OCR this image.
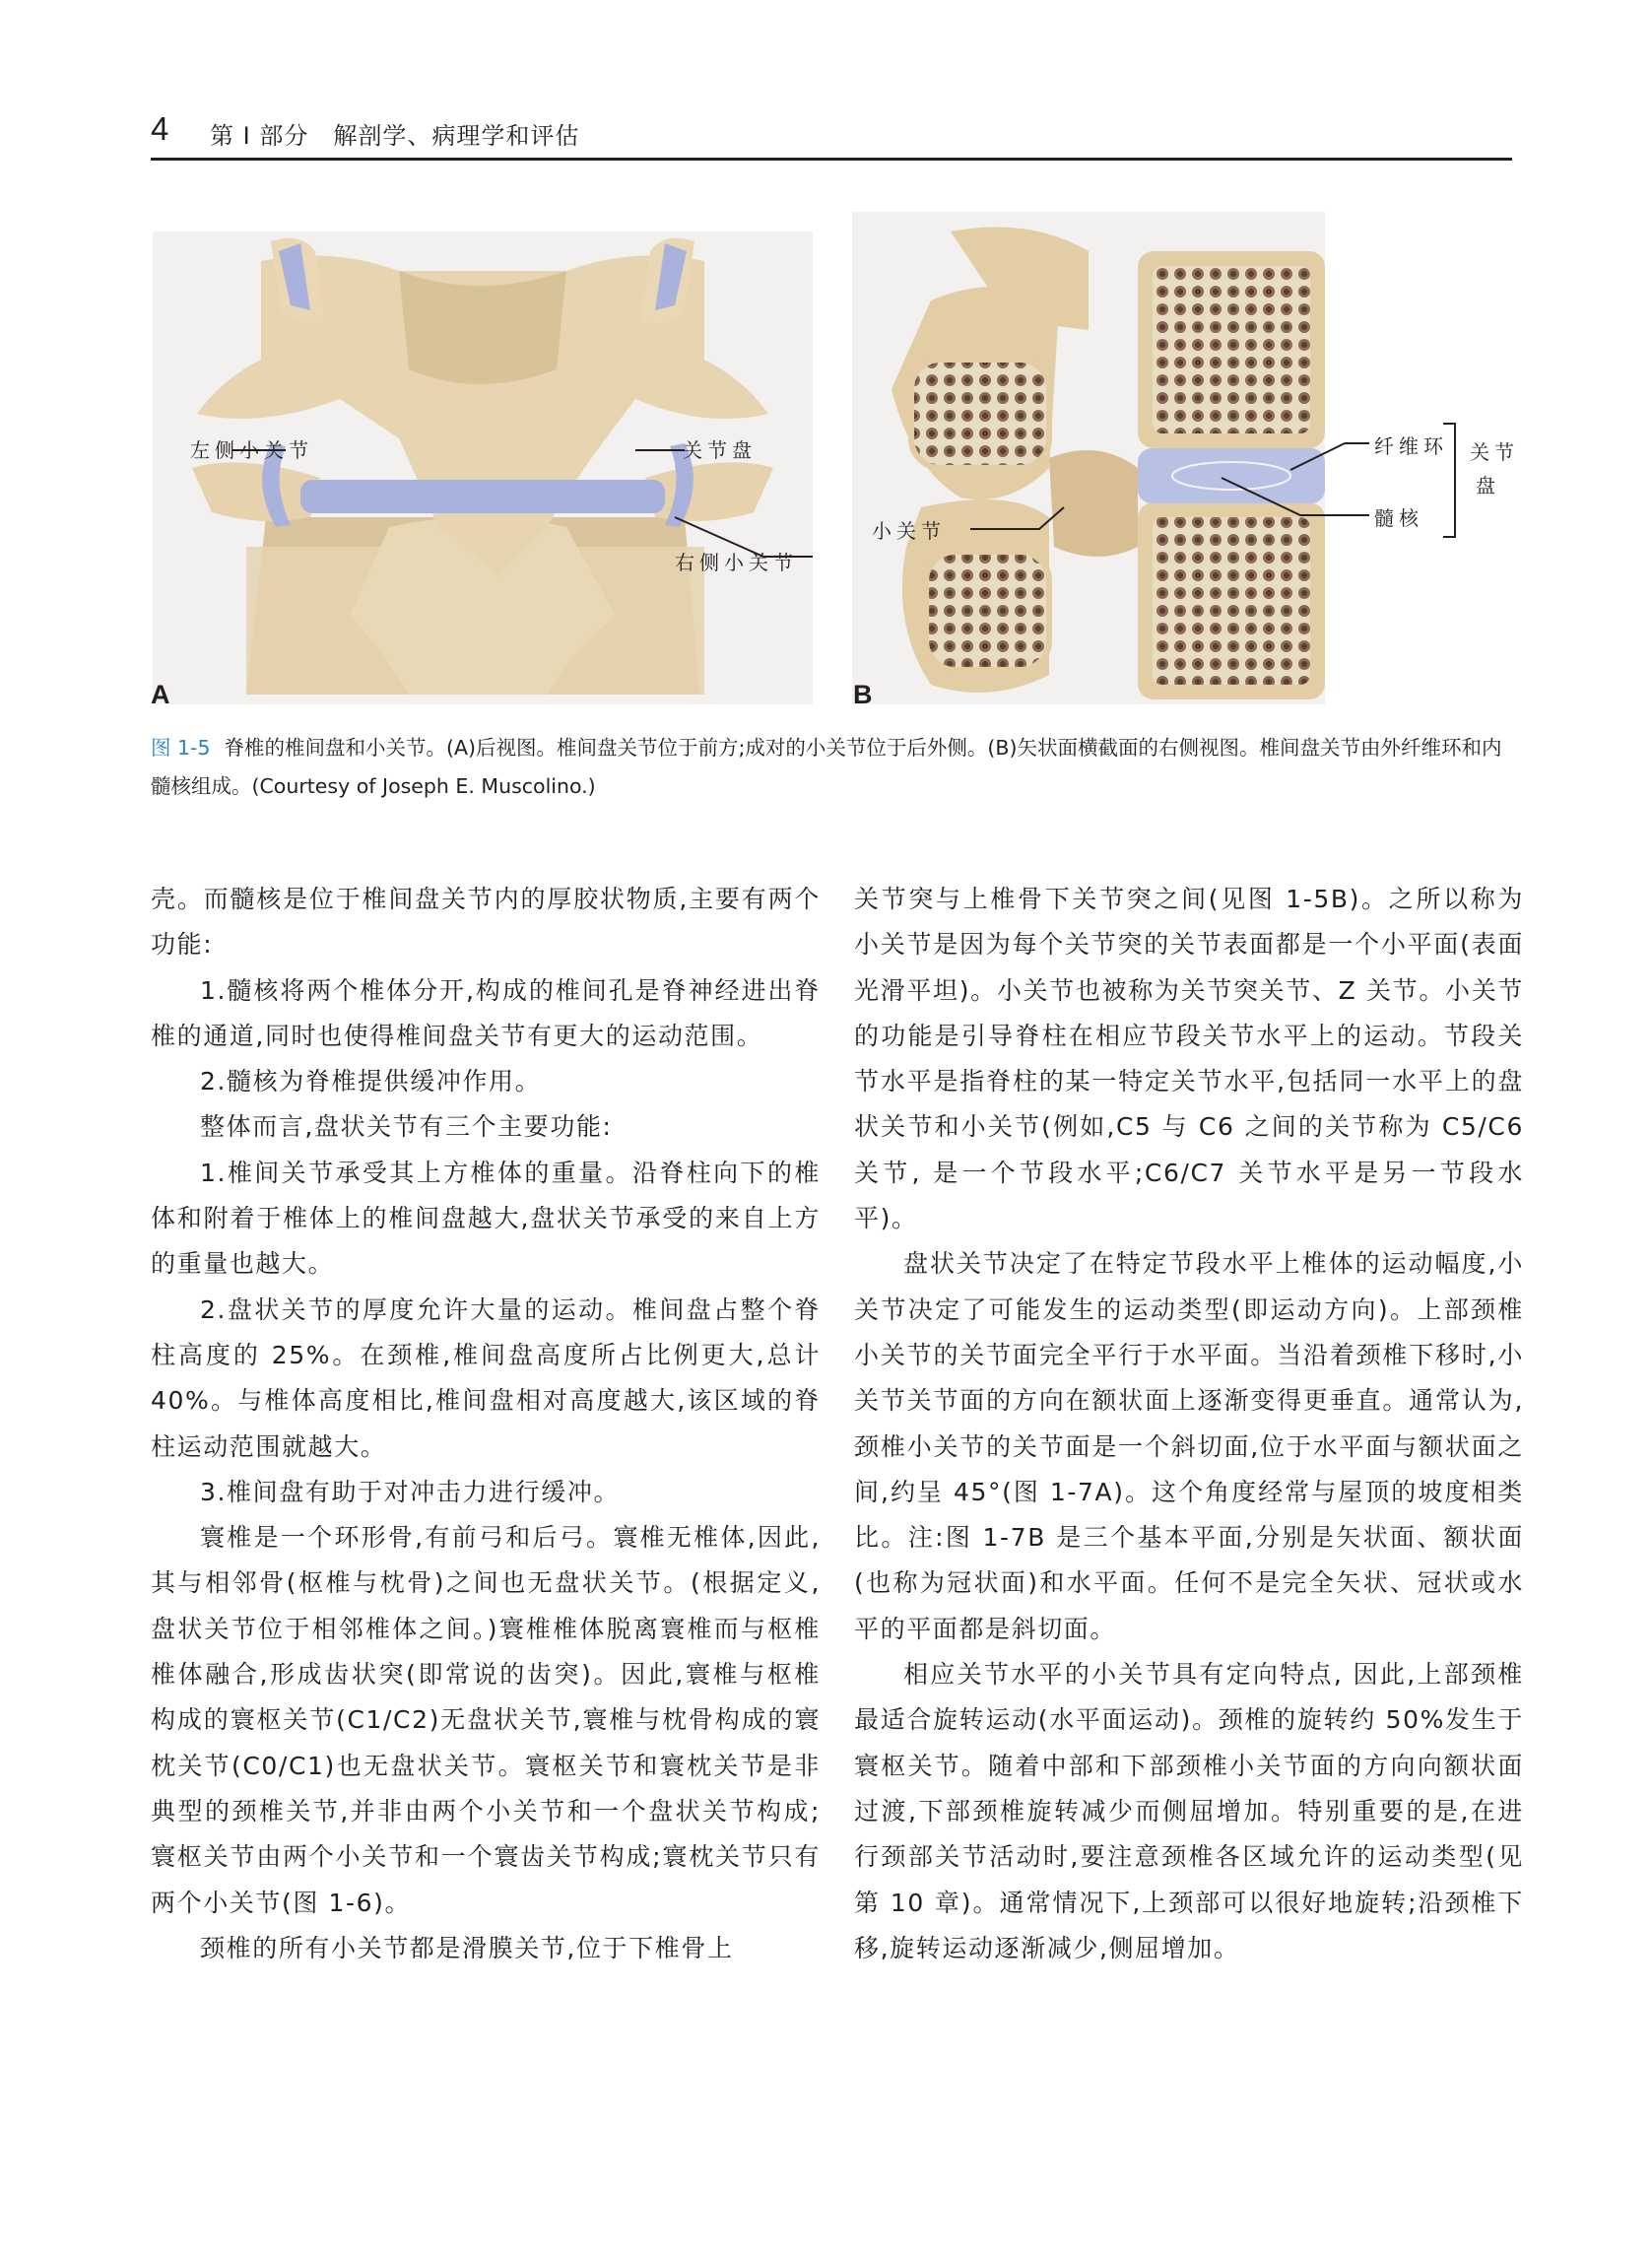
4 第 I 部分　解剖学、病理学和评估
左侧小关节	关节盘
右侧小关节
A
纤维环
髓核
小关节
关节
盘
B
图 1-5 脊椎的椎间盘和小关节。(A)后视图。椎间盘关节位于前方;成对的小关节位于后外侧。(B)矢状面横截面的右侧视图。椎间盘关节由外纤维环和内髓核组成。(Courtesy of Joseph E. Muscolino.)

壳。而髓核是位于椎间盘关节内的厚胶状物质,主要有两个功能:

1.髓核将两个椎体分开,构成的椎间孔是脊神经进出脊椎的通道,同时也使得椎间盘关节有更大的运动范围。

2.髓核为脊椎提供缓冲作用。

整体而言,盘状关节有三个主要功能:

1.椎间关节承受其上方椎体的重量。沿脊柱向下的椎体和附着于椎体上的椎间盘越大,盘状关节承受的来自上方的重量也越大。

2.盘状关节的厚度允许大量的运动。椎间盘占整个脊柱高度的 25%。在颈椎,椎间盘高度所占比例更大,总计 40%。与椎体高度相比,椎间盘相对高度越大,该区域的脊柱运动范围就越大。

3.椎间盘有助于对冲击力进行缓冲。

寰椎是一个环形骨,有前弓和后弓。寰椎无椎体,因此,其与相邻骨(枢椎与枕骨)之间也无盘状关节。(根据定义,盘状关节位于相邻椎体之间。)寰椎椎体脱离寰椎而与枢椎椎体融合,形成齿状突(即常说的齿突)。因此,寰椎与枢椎构成的寰枢关节(C1/C2)无盘状关节,寰椎与枕骨构成的寰枕关节(C0/C1)也无盘状关节。寰枢关节和寰枕关节是非典型的颈椎关节,并非由两个小关节和一个盘状关节构成;寰枢关节由两个小关节和一个寰齿关节构成;寰枕关节只有两个小关节(图 1-6)。

颈椎的所有小关节都是滑膜关节,位于下椎骨上

关节突与上椎骨下关节突之间(见图 1-5B)。之所以称为小关节是因为每个关节突的关节表面都是一个小平面(表面光滑平坦)。小关节也被称为关节突关节、Z 关节。小关节的功能是引导脊柱在相应节段关节水平上的运动。节段关节水平是指脊柱的某一特定关节水平,包括同一水平上的盘状关节和小关节(例如,C5 与 C6 之间的关节称为 C5/C6 关节, 是一个节段水平;C6/C7 关节水平是另一节段水平)。

盘状关节决定了在特定节段水平上椎体的运动幅度,小关节决定了可能发生的运动类型(即运动方向)。上部颈椎小关节的关节面完全平行于水平面。当沿着颈椎下移时,小关节关节面的方向在额状面上逐渐变得更垂直。通常认为,颈椎小关节的关节面是一个斜切面,位于水平面与额状面之间,约呈 45°(图 1-7A)。这个角度经常与屋顶的坡度相类比。注:图 1-7B 是三个基本平面,分别是矢状面、额状面(也称为冠状面)和水平面。任何不是完全矢状、冠状或水平的平面都是斜切面。

相应关节水平的小关节具有定向特点, 因此,上部颈椎最适合旋转运动(水平面运动)。颈椎的旋转约 50%发生于寰枢关节。随着中部和下部颈椎小关节面的方向向额状面过渡,下部颈椎旋转减少而侧屈增加。特别重要的是,在进行颈部关节活动时,要注意颈椎各区域允许的运动类型(见第 10 章)。通常情况下,上颈部可以很好地旋转;沿颈椎下移,旋转运动逐渐减少,侧屈增加。
